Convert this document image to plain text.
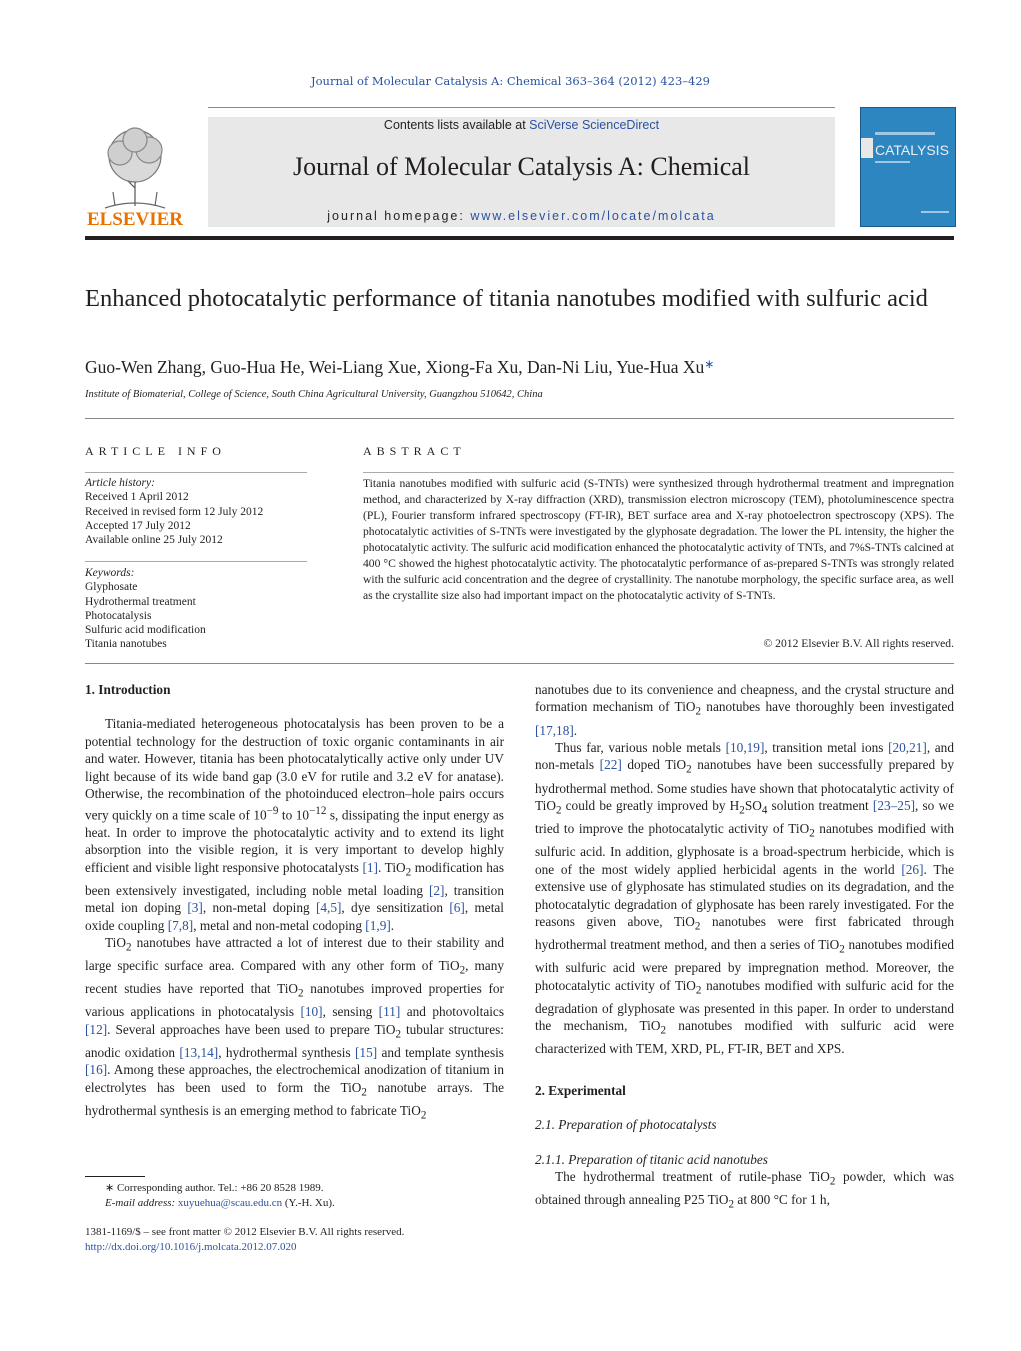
Journal of Molecular Catalysis A: Chemical 363–364 (2012) 423–429
ELSEVIER
Contents lists available at SciVerse ScienceDirect
Journal of Molecular Catalysis A: Chemical
journal homepage: www.elsevier.com/locate/molcata
CATALYSIS
Enhanced photocatalytic performance of titania nanotubes modified with sulfuric acid
Guo-Wen Zhang, Guo-Hua He, Wei-Liang Xue, Xiong-Fa Xu, Dan-Ni Liu, Yue-Hua Xu∗
Institute of Biomaterial, College of Science, South China Agricultural University, Guangzhou 510642, China
ARTICLE INFO
Article history:
Received 1 April 2012
Received in revised form 12 July 2012
Accepted 17 July 2012
Available online 25 July 2012
Keywords:
Glyphosate
Hydrothermal treatment
Photocatalysis
Sulfuric acid modification
Titania nanotubes
ABSTRACT
Titania nanotubes modified with sulfuric acid (S-TNTs) were synthesized through hydrothermal treatment and impregnation method, and characterized by X-ray diffraction (XRD), transmission electron microscopy (TEM), photoluminescence spectra (PL), Fourier transform infrared spectroscopy (FT-IR), BET surface area and X-ray photoelectron spectroscopy (XPS). The photocatalytic activities of S-TNTs were investigated by the glyphosate degradation. The lower the PL intensity, the higher the photocatalytic activity. The sulfuric acid modification enhanced the photocatalytic activity of TNTs, and 7%S-TNTs calcined at 400 °C showed the highest photocatalytic activity. The photocatalytic performance of as-prepared S-TNTs was strongly related with the sulfuric acid concentration and the degree of crystallinity. The nanotube morphology, the specific surface area, as well as the crystallite size also had important impact on the photocatalytic activity of S-TNTs.
© 2012 Elsevier B.V. All rights reserved.
1. Introduction

Titania-mediated heterogeneous photocatalysis has been proven to be a potential technology for the destruction of toxic organic contaminants in air and water. However, titania has been photocatalytically active only under UV light because of its wide band gap (3.0 eV for rutile and 3.2 eV for anatase). Otherwise, the recombination of the photoinduced electron–hole pairs occurs very quickly on a time scale of $10^{-9}$ to $10^{-12}$ s, dissipating the input energy as heat. In order to improve the photocatalytic activity and to extend its light absorption into the visible region, it is very important to develop highly efficient and visible light responsive photocatalysts [1]. TiO$_2$ modification has been extensively investigated, including noble metal loading [2], transition metal ion doping [3], non-metal doping [4,5], dye sensitization [6], metal oxide coupling [7,8], metal and non-metal codoping [1,9].

TiO$_2$ nanotubes have attracted a lot of interest due to their stability and large specific surface area. Compared with any other form of TiO$_2$, many recent studies have reported that TiO$_2$ nanotubes improved properties for various applications in photocatalysis [10], sensing [11] and photovoltaics [12]. Several approaches have been used to prepare TiO$_2$ tubular structures: anodic oxidation [13,14], hydrothermal synthesis [15] and template synthesis [16]. Among these approaches, the electrochemical anodization of titanium in electrolytes has been used to form the TiO$_2$ nanotube arrays. The hydrothermal synthesis is an emerging method to fabricate TiO$_2$

nanotubes due to its convenience and cheapness, and the crystal structure and formation mechanism of TiO$_2$ nanotubes have thoroughly been investigated [17,18].

Thus far, various noble metals [10,19], transition metal ions [20,21], and non-metals [22] doped TiO$_2$ nanotubes have been successfully prepared by hydrothermal method. Some studies have shown that photocatalytic activity of TiO$_2$ could be greatly improved by $H_2SO_4$ solution treatment [23–25], so we tried to improve the photocatalytic activity of TiO$_2$ nanotubes modified with sulfuric acid. In addition, glyphosate is a broad-spectrum herbicide, which is one of the most widely applied herbicidal agents in the world [26]. The extensive use of glyphosate has stimulated studies on its degradation, and the photocatalytic degradation of glyphosate has been rarely investigated. For the reasons given above, TiO$_2$ nanotubes were first fabricated through hydrothermal treatment method, and then a series of TiO$_2$ nanotubes modified with sulfuric acid were prepared by impregnation method. Moreover, the photocatalytic activity of TiO$_2$ nanotubes modified with sulfuric acid for the degradation of glyphosate was presented in this paper. In order to understand the mechanism, TiO$_2$ nanotubes modified with sulfuric acid were characterized with TEM, XRD, PL, FT-IR, BET and XPS.

2. Experimental
2.1. Preparation of photocatalysts
2.1.1. Preparation of titanic acid nanotubes

The hydrothermal treatment of rutile-phase TiO$_2$ powder, which was obtained through annealing P25 TiO$_2$ at 800 °C for 1 h,

∗ Corresponding author. Tel.: +86 20 8528 1989.
E-mail address: xuyuehua@scau.edu.cn (Y.-H. Xu).
1381-1169/$ – see front matter © 2012 Elsevier B.V. All rights reserved.
http://dx.doi.org/10.1016/j.molcata.2012.07.020
